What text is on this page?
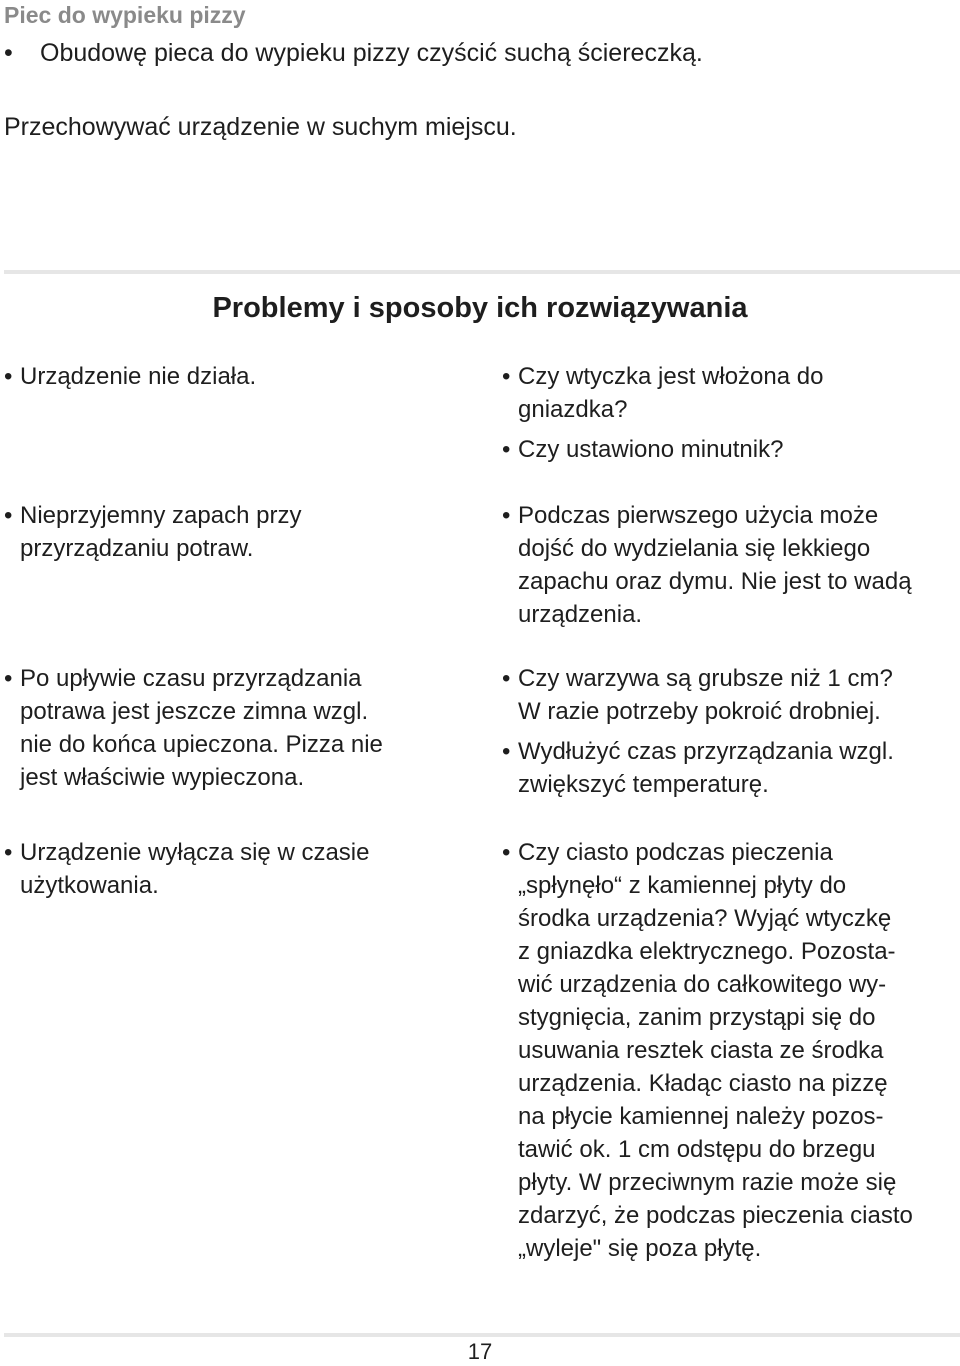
Piec do wypieku pizzy
•	Obudowę pieca do wypieku pizzy czyścić suchą ściereczką.
Przechowywać urządzenie w suchym miejscu.
Problemy i sposoby ich rozwiązywania
• Urządzenie nie działa.
• Nieprzyjemny zapach przy
przyrządzaniu potraw.
• Po upływie czasu przyrządzania
potrawa jest jeszcze zimna wzgl.
nie do końca upieczona. Pizza nie
jest właściwie wypieczona.
• Urządzenie wyłącza się w czasie
użytkowania.
• Czy wtyczka jest włożona do
gniazdka?
• Czy ustawiono minutnik?
• Podczas pierwszego użycia może
dojść do wydzielania się lekkiego
zapachu oraz dymu. Nie jest to wadą
urządzenia.
• Czy warzywa są grubsze niż 1 cm?
W razie potrzeby pokroić drobniej.
• Wydłużyć czas przyrządzania wzgl.
zwiększyć temperaturę.
• Czy ciasto podczas pieczenia
„spłynęło“ z kamiennej płyty do
środka urządzenia? Wyjąć wtyczkę
z gniazdka elektrycznego. Pozosta-
wić urządzenia do całkowitego wy-
stygnięcia, zanim przystąpi się do
usuwania resztek ciasta ze środka
urządzenia. Kładąc ciasto na pizzę
na płycie kamiennej należy pozos-
tawić ok. 1 cm odstępu do brzegu
płyty. W przeciwnym razie może się
zdarzyć, że podczas pieczenia ciasto
„wyleje" się poza płytę.
17
